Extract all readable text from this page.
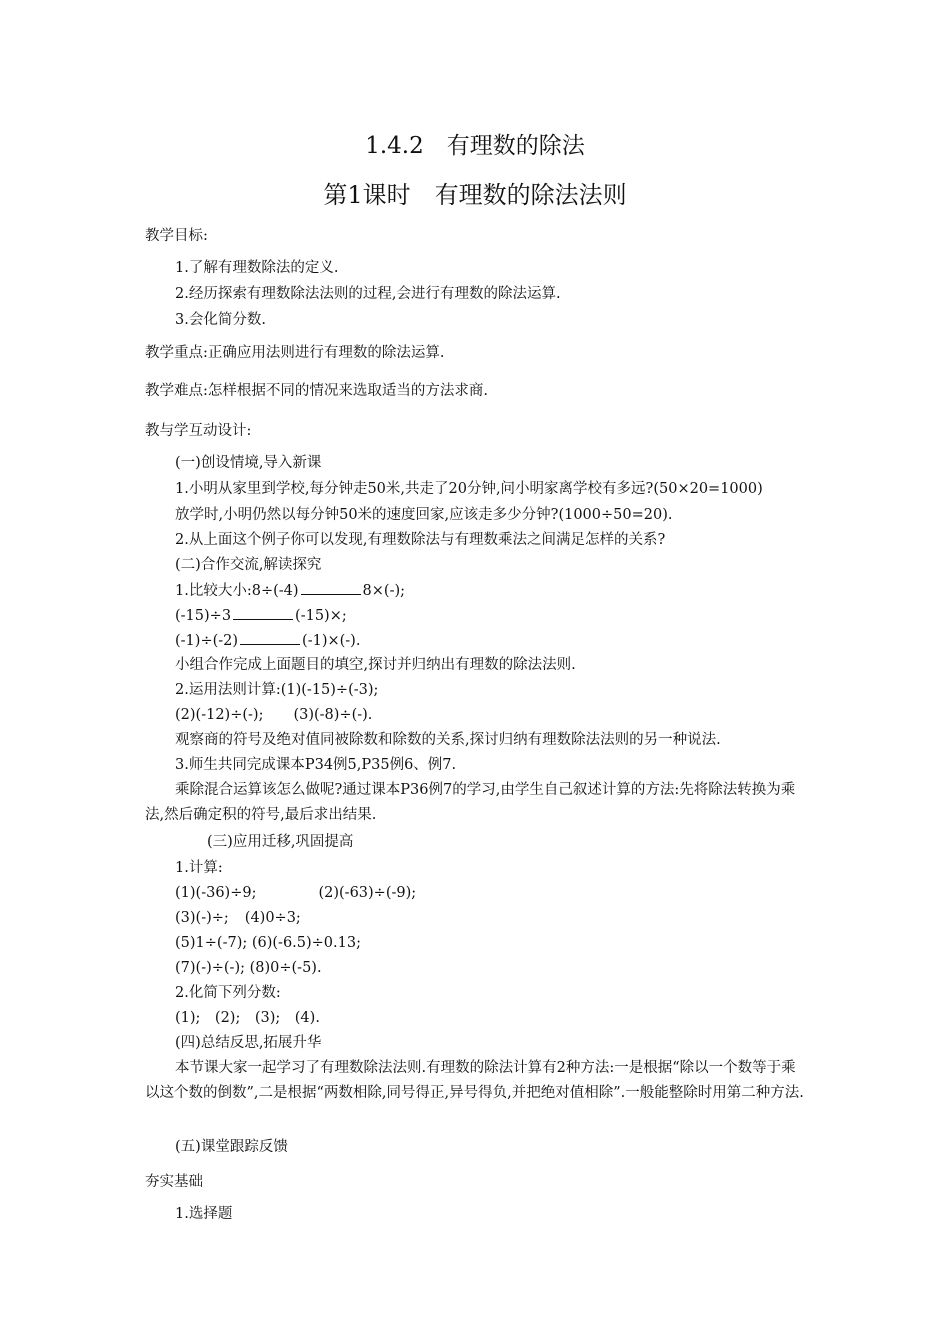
1.4.2　有理数的除法
第1课时　有理数的除法法则
教学目标:
1.了解有理数除法的定义.
2.经历探索有理数除法法则的过程,会进行有理数的除法运算.
3.会化简分数.
教学重点:正确应用法则进行有理数的除法运算.
教学难点:怎样根据不同的情况来选取适当的方法求商.
教与学互动设计:
(一)创设情境,导入新课
1.小明从家里到学校,每分钟走50米,共走了20分钟,问小明家离学校有多远?(50×20=1000)
放学时,小明仍然以每分钟50米的速度回家,应该走多少分钟?(1000÷50=20).
2.从上面这个例子你可以发现,有理数除法与有理数乘法之间满足怎样的关系?
(二)合作交流,解读探究
1.比较大小:8÷(-4)	8×(-);
(-15)÷3	(-15)×;
(-1)÷(-2)	(-1)×(-).
小组合作完成上面题目的填空,探讨并归纳出有理数的除法法则.
2.运用法则计算:(1)(-15)÷(-3);
(2)(-12)÷(-); (3)(-8)÷(-).
观察商的符号及绝对值同被除数和除数的关系,探讨归纳有理数除法法则的另一种说法.
3.师生共同完成课本P34例5,P35例6、例7.
乘除混合运算该怎么做呢?通过课本P36例7的学习,由学生自己叙述计算的方法:先将除法转换为乘法,然后确定积的符号,最后求出结果.
(三)应用迁移,巩固提高
1.计算:
(1)(-36)÷9;	(2)(-63)÷(-9);
(3)(-)÷; (4)0÷3;
(5)1÷(-7); (6)(-6.5)÷0.13;
(7)(-)÷(-); (8)0÷(-5).
2.化简下列分数:
(1);　(2);　(3);　(4).
(四)总结反思,拓展升华
本节课大家一起学习了有理数除法法则.有理数的除法计算有2种方法:一是根据“除以一个数等于乘以这个数的倒数”,二是根据“两数相除,同号得正,异号得负,并把绝对值相除”.一般能整除时用第二种方法.
(五)课堂跟踪反馈
夯实基础
1.选择题
